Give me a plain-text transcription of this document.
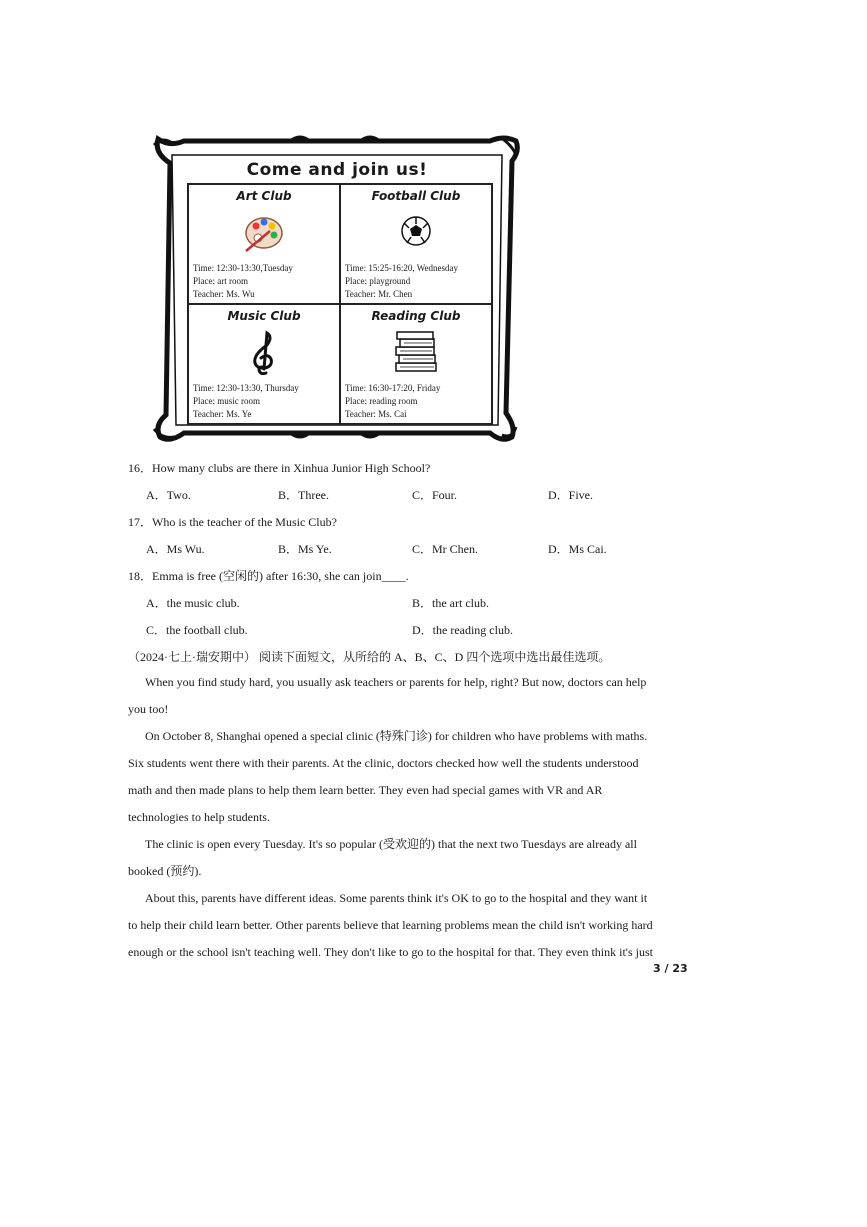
Come and join us!
Art Club
Time: 12:30-13:30,Tuesday
Place: art room
Teacher: Ms. Wu
Football Club
Time: 15:25-16:20, Wednesday
Place: playground
Teacher: Mr. Chen
Music Club
Time: 12:30-13:30, Thursday
Place: music room
Teacher: Ms. Ye
Reading Club
Time: 16:30-17:20, Friday
Place: reading room
Teacher: Ms. Cai
16．How many clubs are there in Xinhua Junior High School?
A．Two.	B．Three.	C．Four.	D．Five.
17．Who is the teacher of the Music Club?
A．Ms Wu.	B．Ms Ye.	C．Mr Chen.	D．Ms Cai.
18．Emma is free (空闲的) after 16:30, she can join____.
A．the music club.	B．the art club.
C．the football club.	D．the reading club.
（2024·七上·瑞安期中） 阅读下面短文，从所给的 A、B、C、D 四个选项中选出最佳选项。
When you find study hard, you usually ask teachers or parents for help, right? But now, doctors can help
you too!
On October 8, Shanghai opened a special clinic (特殊门诊) for children who have problems with maths.
Six students went there with their parents. At the clinic, doctors checked how well the students understood
math and then made plans to help them learn better. They even had special games with VR and AR
technologies to help students.
The clinic is open every Tuesday. It's so popular (受欢迎的) that the next two Tuesdays are already all
booked (预约).
About this, parents have different ideas. Some parents think it's OK to go to the hospital and they want it
to help their child learn better. Other parents believe that learning problems mean the child isn't working hard
enough or the school isn't teaching well. They don't like to go to the hospital for that. They even think it's just
3 / 23
